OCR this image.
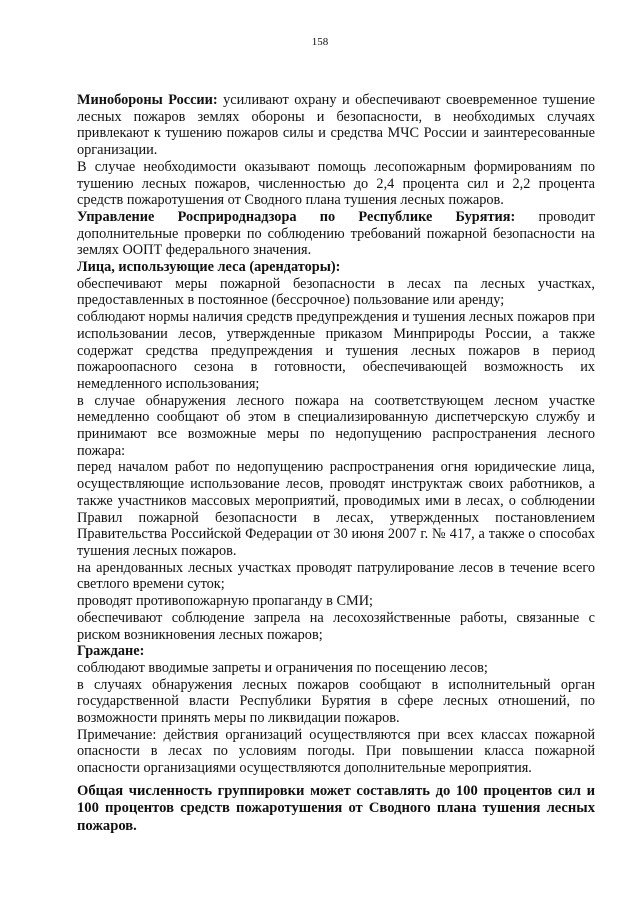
158

Минобороны России: усиливают охрану и обеспечивают своевременное тушение лесных пожаров землях обороны и безопасности, в необходимых случаях привлекают к тушению пожаров силы и средства МЧС России и заинтересованные организации.

В случае необходимости оказывают помощь лесопожарным формированиям по тушению лесных пожаров, численностью до 2,4 процента сил и 2,2 процента средств пожаротушения от Сводного плана тушения лесных пожаров.

Управление Росприроднадзора по Республике Бурятия: проводит дополнительные проверки по соблюдению требований пожарной безопасности на землях ООПТ федерального значения.

Лица, использующие леса (арендаторы):

обеспечивают меры пожарной безопасности в лесах па лесных участках, предоставленных в постоянное (бессрочное) пользование или аренду;

соблюдают нормы наличия средств предупреждения и тушения лесных пожаров при использовании лесов, утвержденные приказом Минприроды России, а также содержат средства предупреждения и тушения лесных пожаров в период пожароопасного сезона в готовности, обеспечивающей возможность их немедленного использования;

в случае обнаружения лесного пожара на соответствующем лесном участке немедленно сообщают об этом в специализированную диспетчерскую службу и принимают все возможные меры по недопущению распространения лесного пожара:

перед началом работ по недопущению распространения огня юридические лица, осуществляющие использование лесов, проводят инструктаж своих работников, а также участников массовых мероприятий, проводимых ими в лесах, о соблюдении Правил пожарной безопасности в лесах, утвержденных постановлением Правительства Российской Федерации от 30 июня 2007 г. № 417, а также о способах тушения лесных пожаров.

на арендованных лесных участках проводят патрулирование лесов в течение всего светлого времени суток;

проводят противопожарную пропаганду в СМИ;

обеспечивают соблюдение запрела на лесохозяйственные работы, связанные с риском возникновения лесных пожаров;

Граждане:

соблюдают вводимые запреты и ограничения по посещению лесов;

в случаях обнаружения лесных пожаров сообщают в исполнительный орган государственной власти Республики Бурятия в сфере лесных отношений, по возможности принять меры по ликвидации пожаров.

Примечание: действия организаций осуществляются при всех классах пожарной опасности в лесах по условиям погоды. При повышении класса пожарной опасности организациями осуществляются дополнительные мероприятия.

Общая численность группировки может составлять до 100 процентов сил и 100 процентов средств пожаротушения от Сводного плана тушения лесных пожаров.
